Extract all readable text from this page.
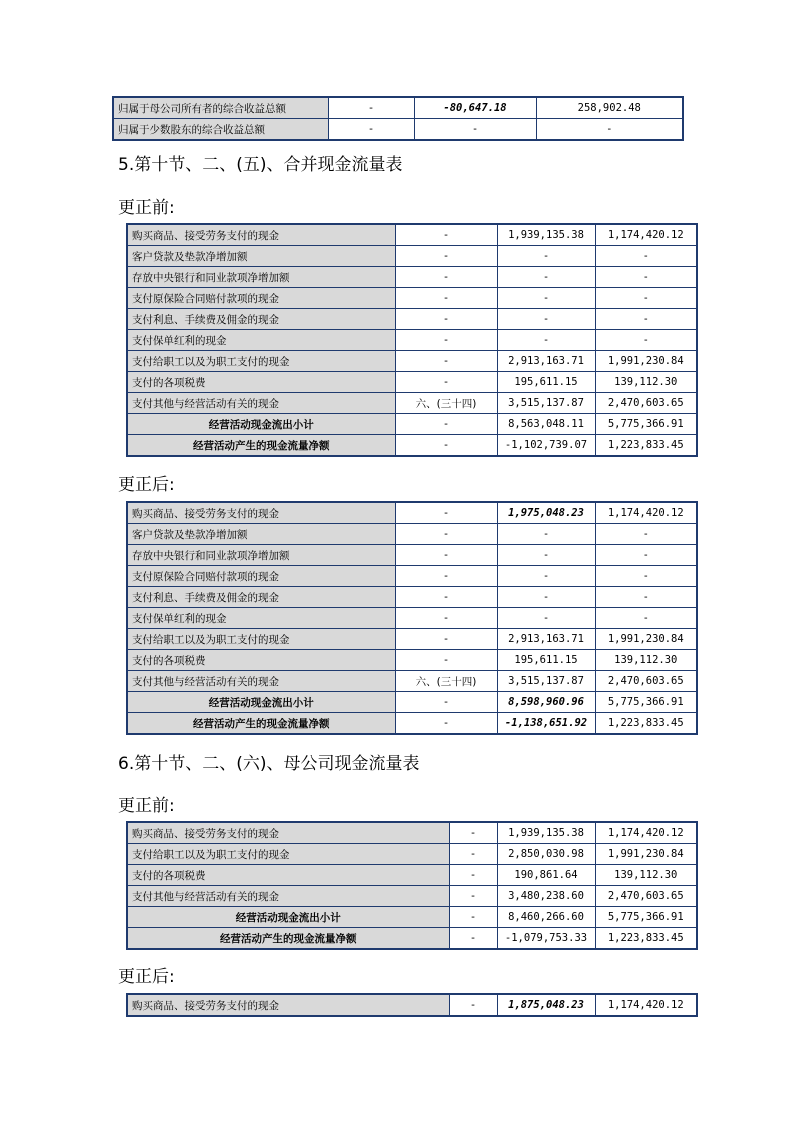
归属于母公司所有者的综合收益总额	-	-80,647.18	258,902.48
归属于少数股东的综合收益总额	-	-	-
5.第十节、二、(五)、合并现金流量表
更正前:
购买商品、接受劳务支付的现金	-	1,939,135.38	1,174,420.12
客户贷款及垫款净增加额	-	-	-
存放中央银行和同业款项净增加额	-	-	-
支付原保险合同赔付款项的现金	-	-	-
支付利息、手续费及佣金的现金	-	-	-
支付保单红利的现金	-	-	-
支付给职工以及为职工支付的现金	-	2,913,163.71	1,991,230.84
支付的各项税费	-	195,611.15	139,112.30
支付其他与经营活动有关的现金	六、(三十四)	3,515,137.87	2,470,603.65
经营活动现金流出小计	-	8,563,048.11	5,775,366.91
经营活动产生的现金流量净额	-	-1,102,739.07	1,223,833.45
更正后:
购买商品、接受劳务支付的现金	-	1,975,048.23	1,174,420.12
客户贷款及垫款净增加额	-	-	-
存放中央银行和同业款项净增加额	-	-	-
支付原保险合同赔付款项的现金	-	-	-
支付利息、手续费及佣金的现金	-	-	-
支付保单红利的现金	-	-	-
支付给职工以及为职工支付的现金	-	2,913,163.71	1,991,230.84
支付的各项税费	-	195,611.15	139,112.30
支付其他与经营活动有关的现金	六、(三十四)	3,515,137.87	2,470,603.65
经营活动现金流出小计	-	8,598,960.96	5,775,366.91
经营活动产生的现金流量净额	-	-1,138,651.92	1,223,833.45
6.第十节、二、(六)、母公司现金流量表
更正前:
购买商品、接受劳务支付的现金	-	1,939,135.38	1,174,420.12
支付给职工以及为职工支付的现金	-	2,850,030.98	1,991,230.84
支付的各项税费	-	190,861.64	139,112.30
支付其他与经营活动有关的现金	-	3,480,238.60	2,470,603.65
经营活动现金流出小计	-	8,460,266.60	5,775,366.91
经营活动产生的现金流量净额	-	-1,079,753.33	1,223,833.45
更正后:
购买商品、接受劳务支付的现金	-	1,875,048.23	1,174,420.12
